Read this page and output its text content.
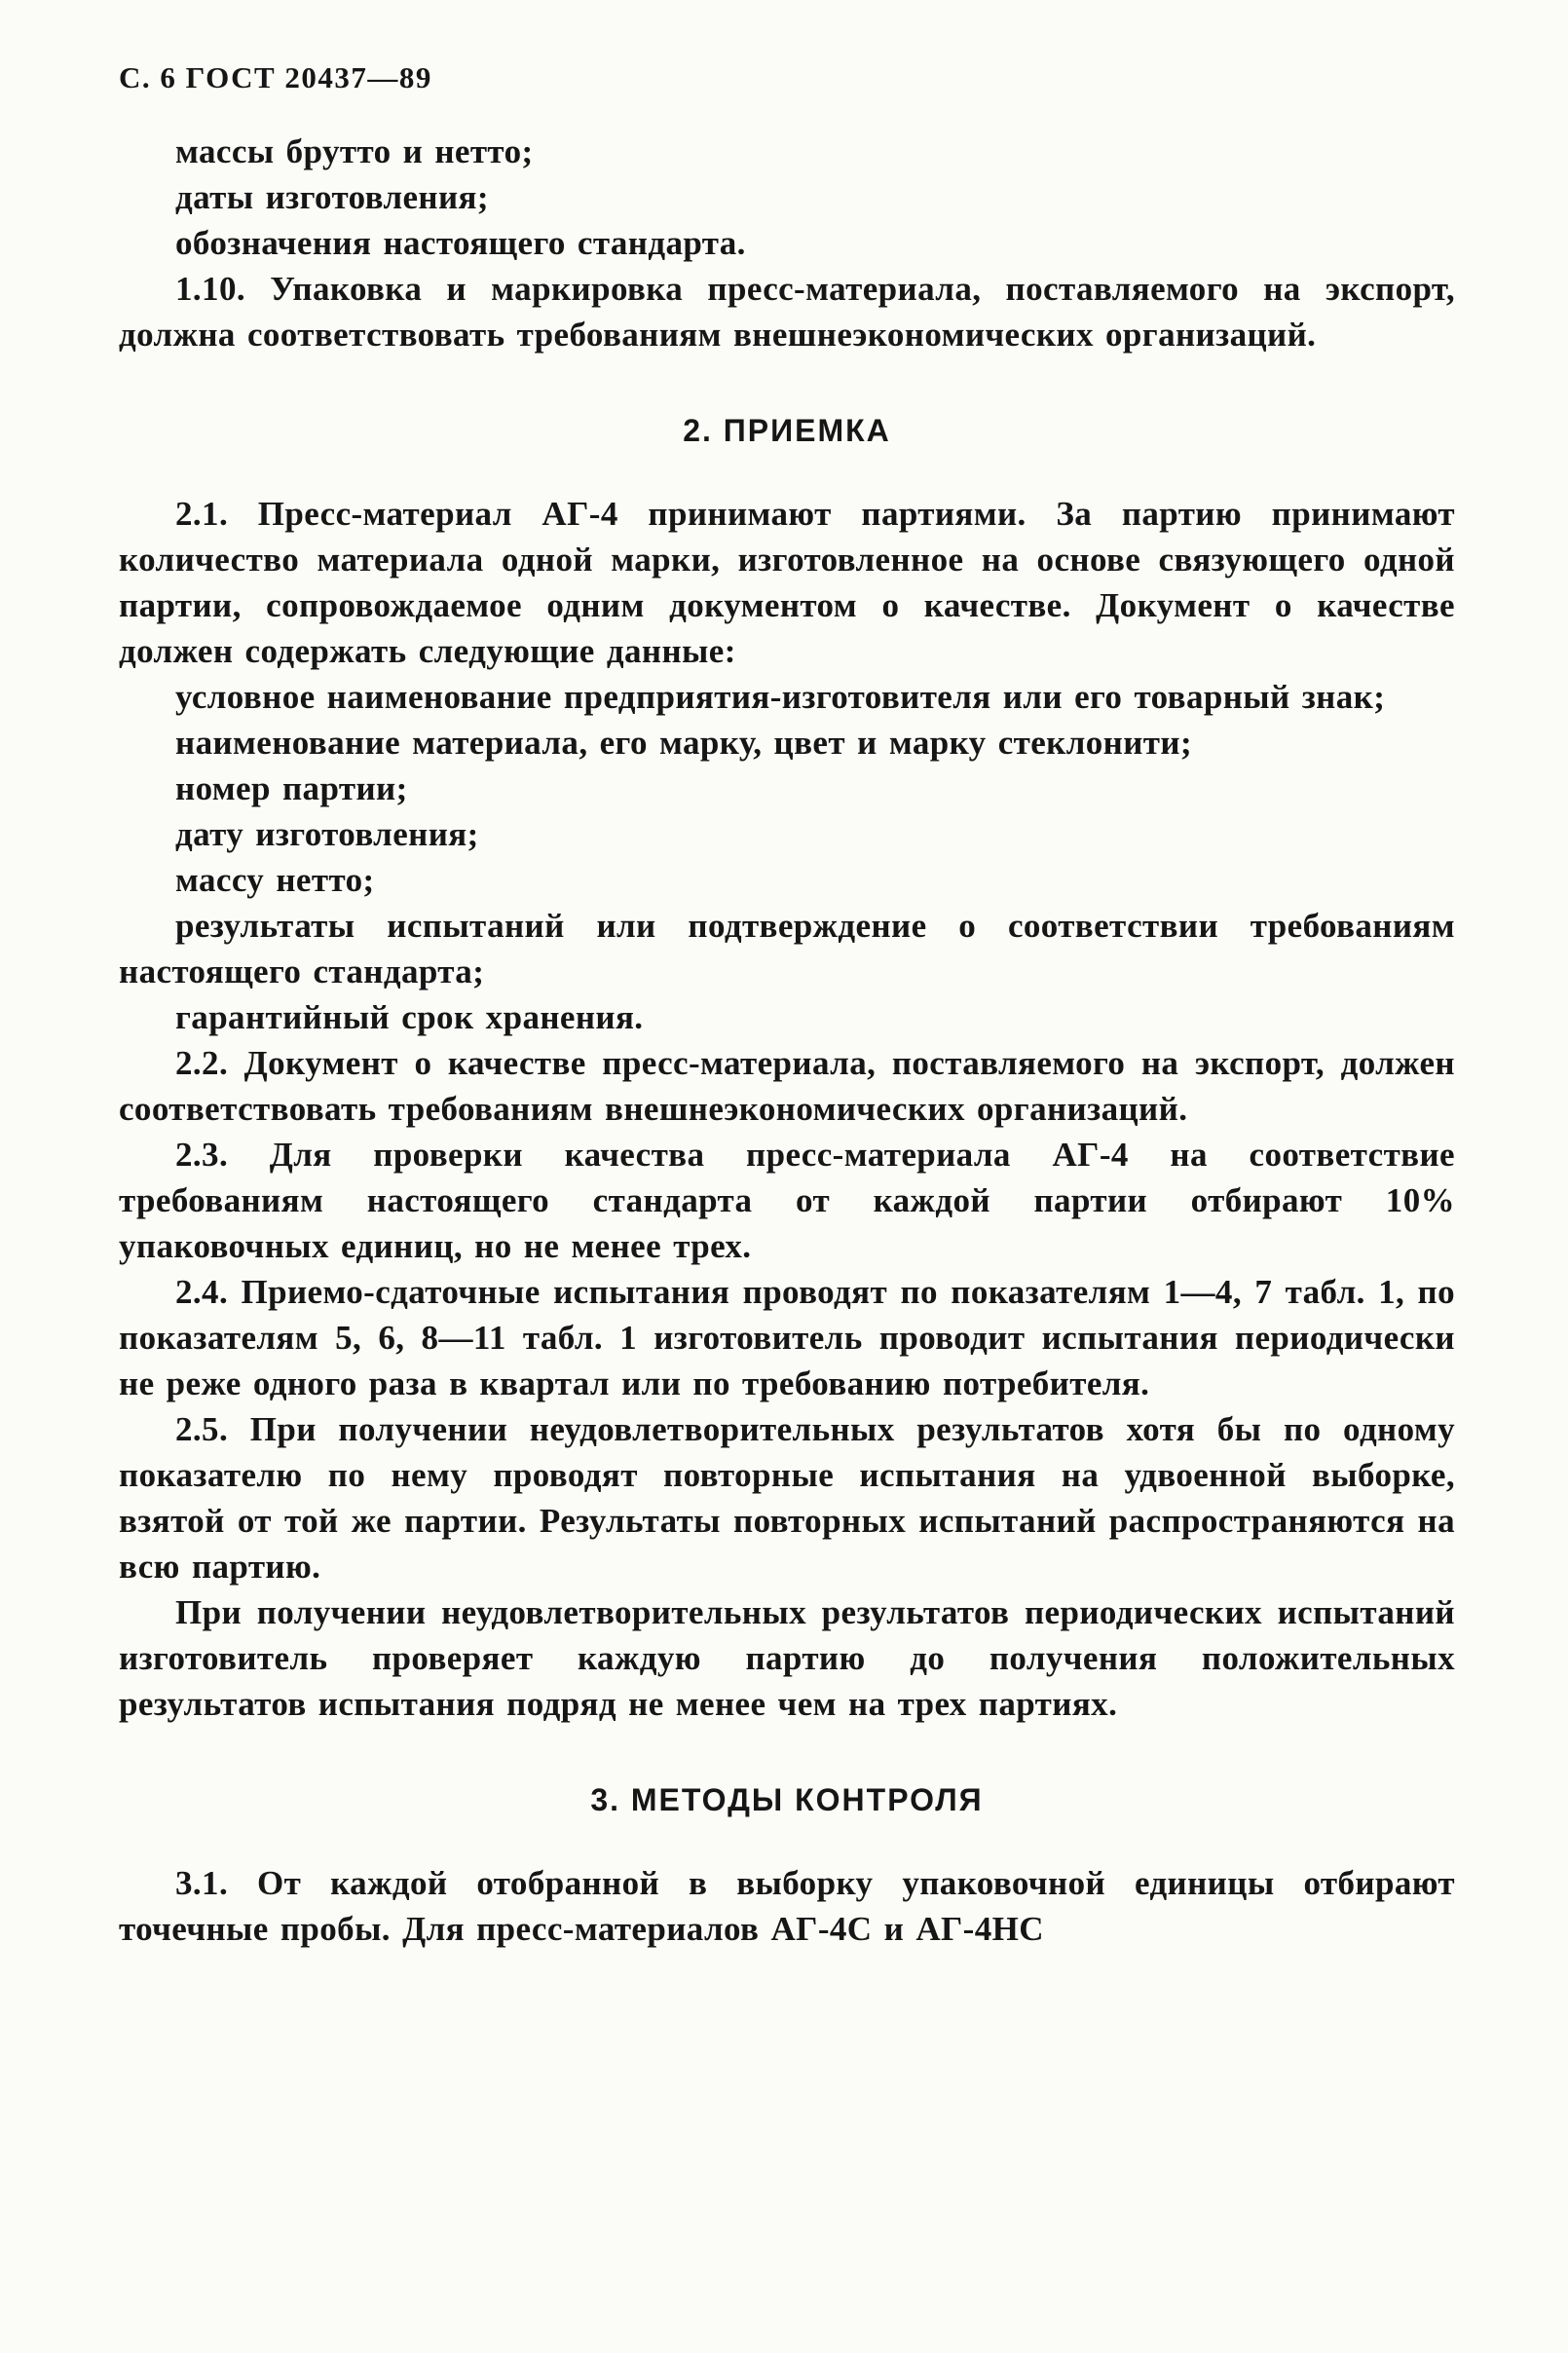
С. 6 ГОСТ 20437—89

массы брутто и нетто;

даты изготовления;

обозначения настоящего стандарта.

1.10. Упаковка и маркировка пресс-материала, поставляемого на экспорт, должна соответствовать требованиям внешнеэкономических организаций.

2. ПРИЕМКА

2.1. Пресс-материал АГ-4 принимают партиями. За партию принимают количество материала одной марки, изготовленное на основе связующего одной партии, сопровождаемое одним документом о качестве. Документ о качестве должен содержать следующие данные:

условное наименование предприятия-изготовителя или его товарный знак;

наименование материала, его марку, цвет и марку стеклонити;

номер партии;

дату изготовления;

массу нетто;

результаты испытаний или подтверждение о соответствии требованиям настоящего стандарта;

гарантийный срок хранения.

2.2. Документ о качестве пресс-материала, поставляемого на экспорт, должен соответствовать требованиям внешнеэкономических организаций.

2.3. Для проверки качества пресс-материала АГ-4 на соответствие требованиям настоящего стандарта от каждой партии отбирают 10% упаковочных единиц, но не менее трех.

2.4. Приемо-сдаточные испытания проводят по показателям 1—4, 7 табл. 1, по показателям 5, 6, 8—11 табл. 1 изготовитель проводит испытания периодически не реже одного раза в квартал или по требованию потребителя.

2.5. При получении неудовлетворительных результатов хотя бы по одному показателю по нему проводят повторные испытания на удвоенной выборке, взятой от той же партии. Результаты повторных испытаний распространяются на всю партию.

При получении неудовлетворительных результатов периодических испытаний изготовитель проверяет каждую партию до получения положительных результатов испытания подряд не менее чем на трех партиях.

3. МЕТОДЫ КОНТРОЛЯ

3.1. От каждой отобранной в выборку упаковочной единицы отбирают точечные пробы. Для пресс-материалов АГ-4С и АГ-4НС
